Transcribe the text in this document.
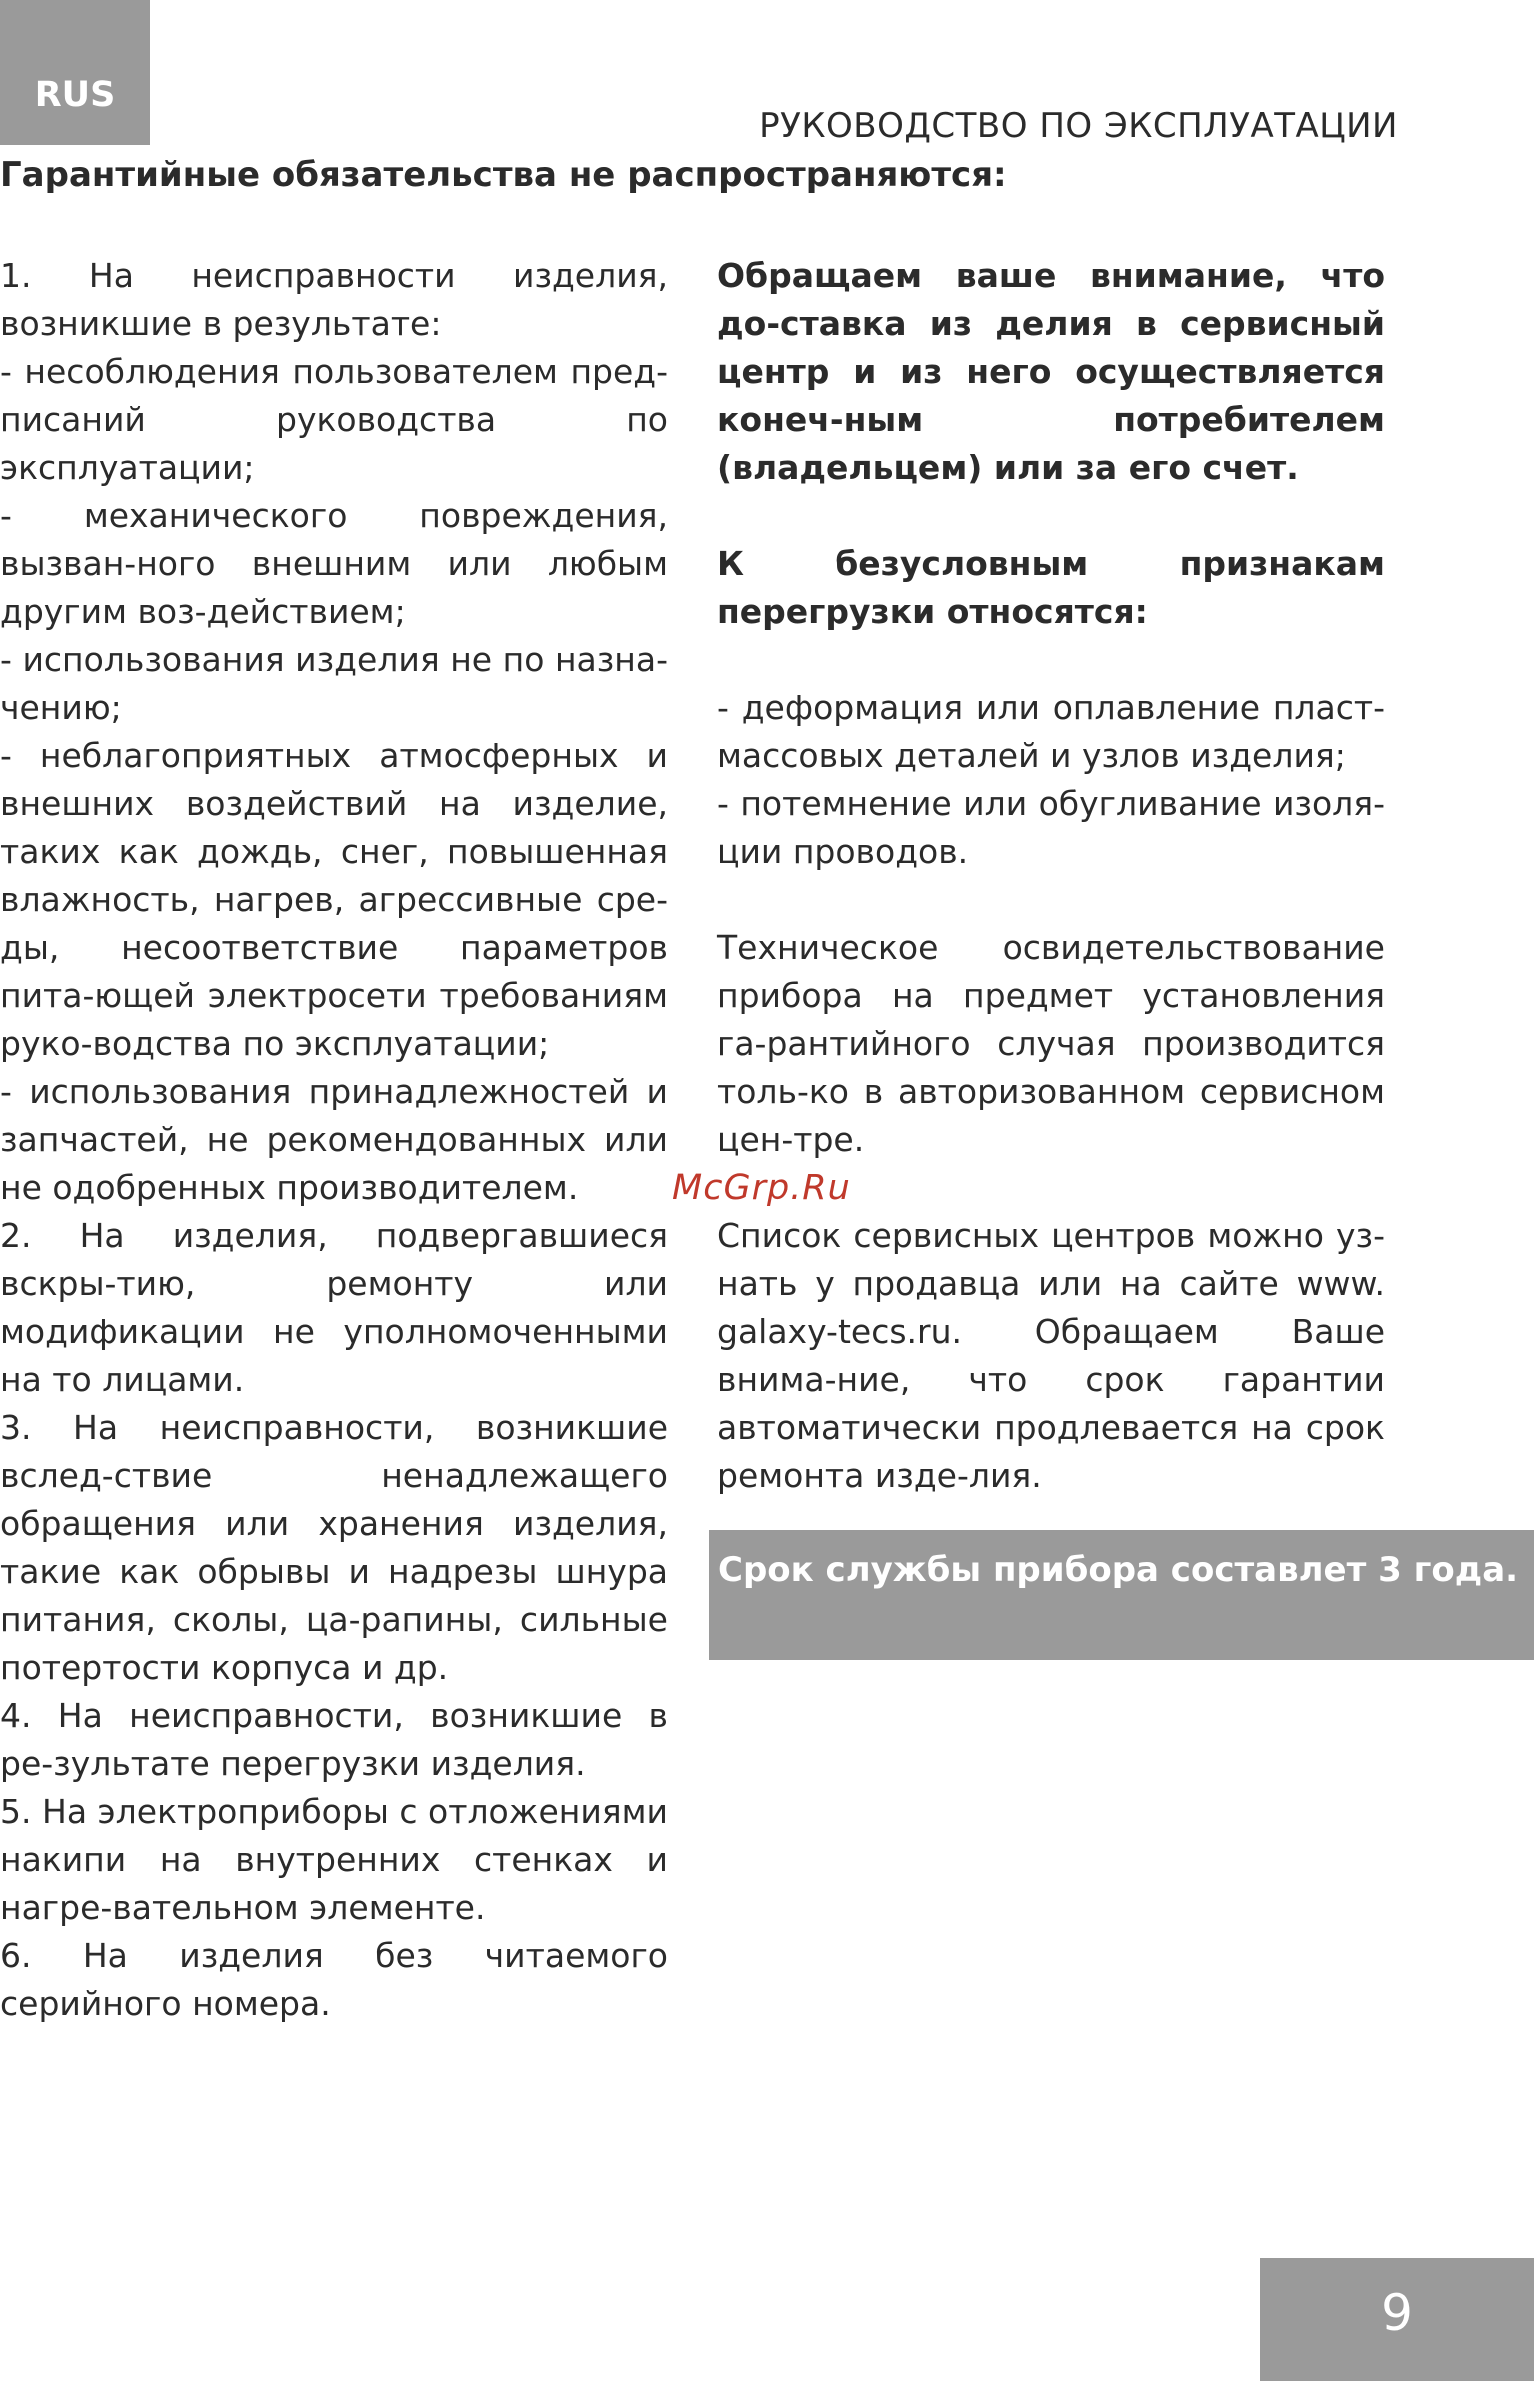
RUS
РУКОВОДСТВО ПО ЭКСПЛУАТАЦИИ
Гарантийные обязательства не распространяются:

1. На неисправности изделия, возникшие в результате:

- несоблюдения пользователем пред-писаний руководства по эксплуатации;

- механического повреждения, вызван-ного внешним или любым другим воз-действием;

- использования изделия не по назна-чению;

- неблагоприятных атмосферных и внешних воздействий на изделие, таких как дождь, снег, повышенная влажность, нагрев, агрессивные сре-ды, несоответствие параметров пита-ющей электросети требованиям руко-водства по эксплуатации;

- использования принадлежностей и запчастей, не рекомендованных или не одобренных производителем.

2. На изделия, подвергавшиеся вскры-тию, ремонту или модификации не уполномоченными на то лицами.

3. На неисправности, возникшие вслед-ствие ненадлежащего обращения или хранения изделия, такие как обрывы и надрезы шнура питания, сколы, ца-рапины, сильные потертости корпуса и др.

4. На неисправности, возникшие в ре-зультате перегрузки изделия.

5. На электроприборы с отложениями накипи на внутренних стенках и нагре-вательном элементе.

6. На изделия без читаемого серийного номера.

Обращаем ваше внимание, что до-ставка из делия в сервисный центр и из него осуществляется конеч-ным потребителем (владельцем) или за его счет.

К безусловным признакам перегрузки относятся:

- деформация или оплавление пласт-массовых деталей и узлов изделия;

- потемнение или обугливание изоля-ции проводов.

Техническое освидетельствование прибора на предмет установления га-рантийного случая производится толь-ко в авторизованном сервисном цен-тре.

Список сервисных центров можно уз-нать у продавца или на сайте www. galaxy-tecs.ru. Обращаем Ваше внима-ние, что срок гарантии автоматически продлевается на срок ремонта изде-лия.

McGrp.Ru
Срок службы прибора составлет 3 года.
9
